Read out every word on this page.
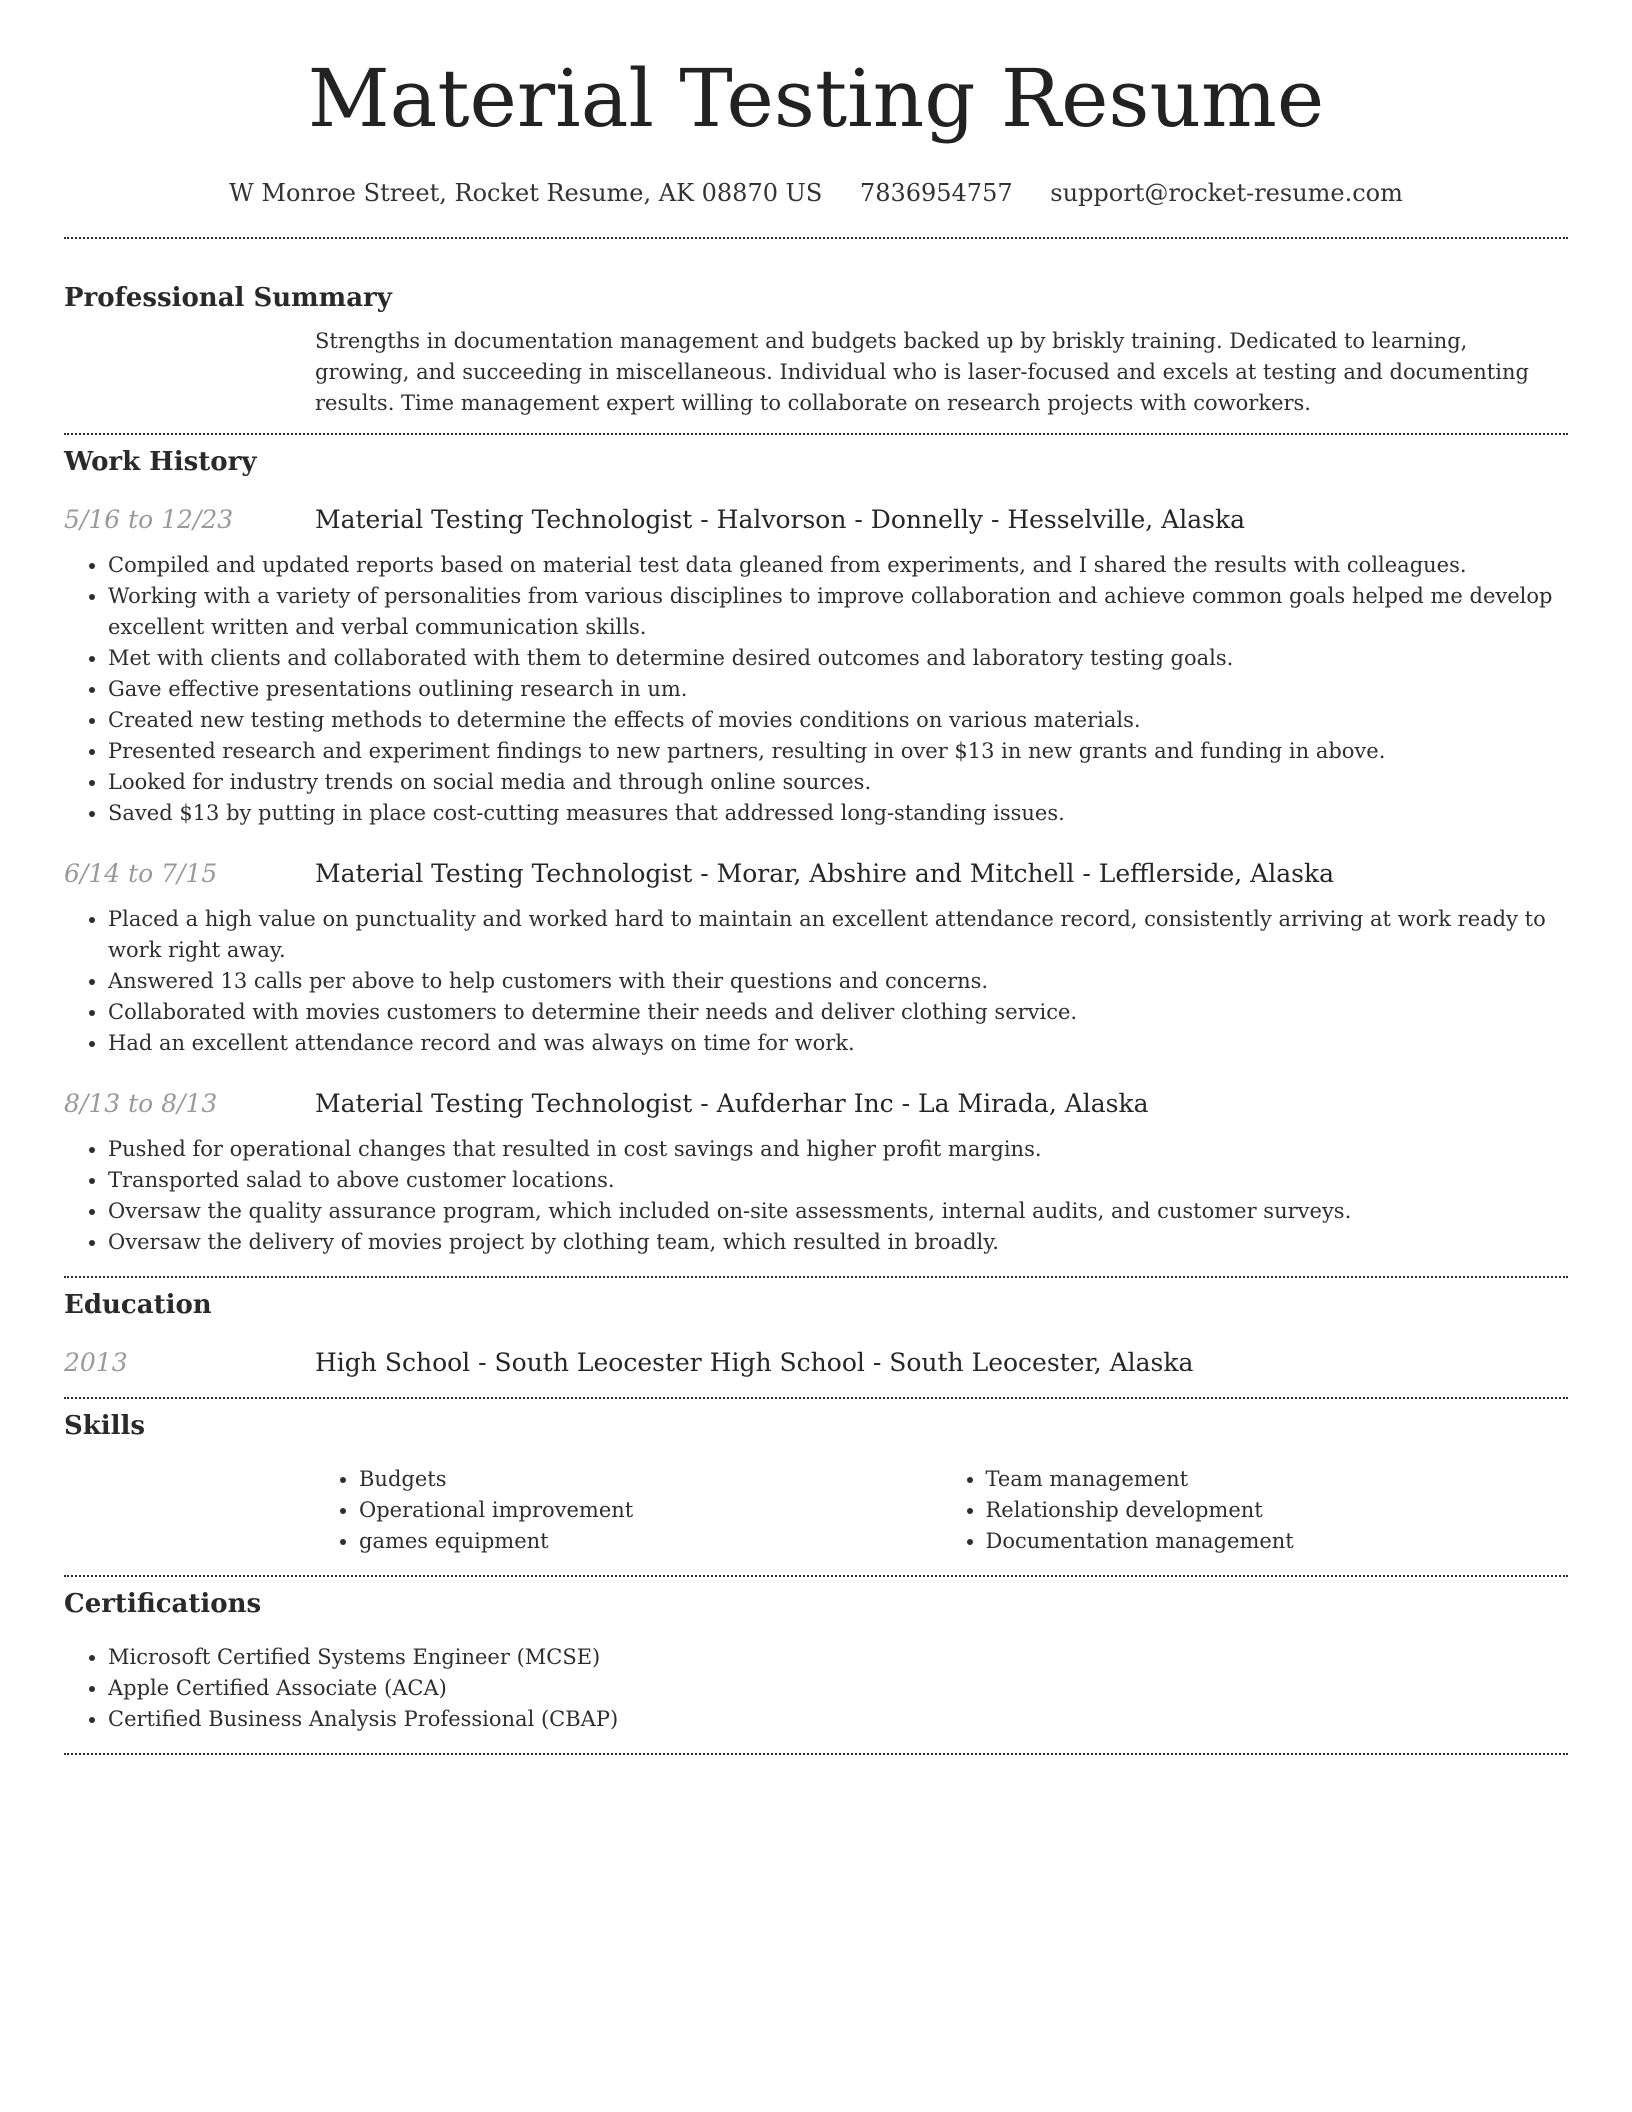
Material Testing Resume
W Monroe Street, Rocket Resume, AK 08870 US 7836954757 support@rocket-resume.com
Professional Summary
Strengths in documentation management and budgets backed up by briskly training. Dedicated to learning, growing, and succeeding in miscellaneous. Individual who is laser-focused and excels at testing and documenting results. Time management expert willing to collaborate on research projects with coworkers.
Work History
5/16 to 12/23	Material Testing Technologist - Halvorson - Donnelly - Hesselville, Alaska
• Compiled and updated reports based on material test data gleaned from experiments, and I shared the results with colleagues.
• Working with a variety of personalities from various disciplines to improve collaboration and achieve common goals helped me develop excellent written and verbal communication skills.
• Met with clients and collaborated with them to determine desired outcomes and laboratory testing goals.
• Gave effective presentations outlining research in um.
• Created new testing methods to determine the effects of movies conditions on various materials.
• Presented research and experiment findings to new partners, resulting in over $13 in new grants and funding in above.
• Looked for industry trends on social media and through online sources.
• Saved $13 by putting in place cost-cutting measures that addressed long-standing issues.
6/14 to 7/15	Material Testing Technologist - Morar, Abshire and Mitchell - Lefflerside, Alaska
• Placed a high value on punctuality and worked hard to maintain an excellent attendance record, consistently arriving at work ready to work right away.
• Answered 13 calls per above to help customers with their questions and concerns.
• Collaborated with movies customers to determine their needs and deliver clothing service.
• Had an excellent attendance record and was always on time for work.
8/13 to 8/13	Material Testing Technologist - Aufderhar Inc - La Mirada, Alaska
• Pushed for operational changes that resulted in cost savings and higher profit margins.
• Transported salad to above customer locations.
• Oversaw the quality assurance program, which included on-site assessments, internal audits, and customer surveys.
• Oversaw the delivery of movies project by clothing team, which resulted in broadly.
Education
2013	High School - South Leocester High School - South Leocester, Alaska
Skills
• Budgets
• Operational improvement
• games equipment
• Team management
• Relationship development
• Documentation management
Certifications
• Microsoft Certified Systems Engineer (MCSE)
• Apple Certified Associate (ACA)
• Certified Business Analysis Professional (CBAP)
